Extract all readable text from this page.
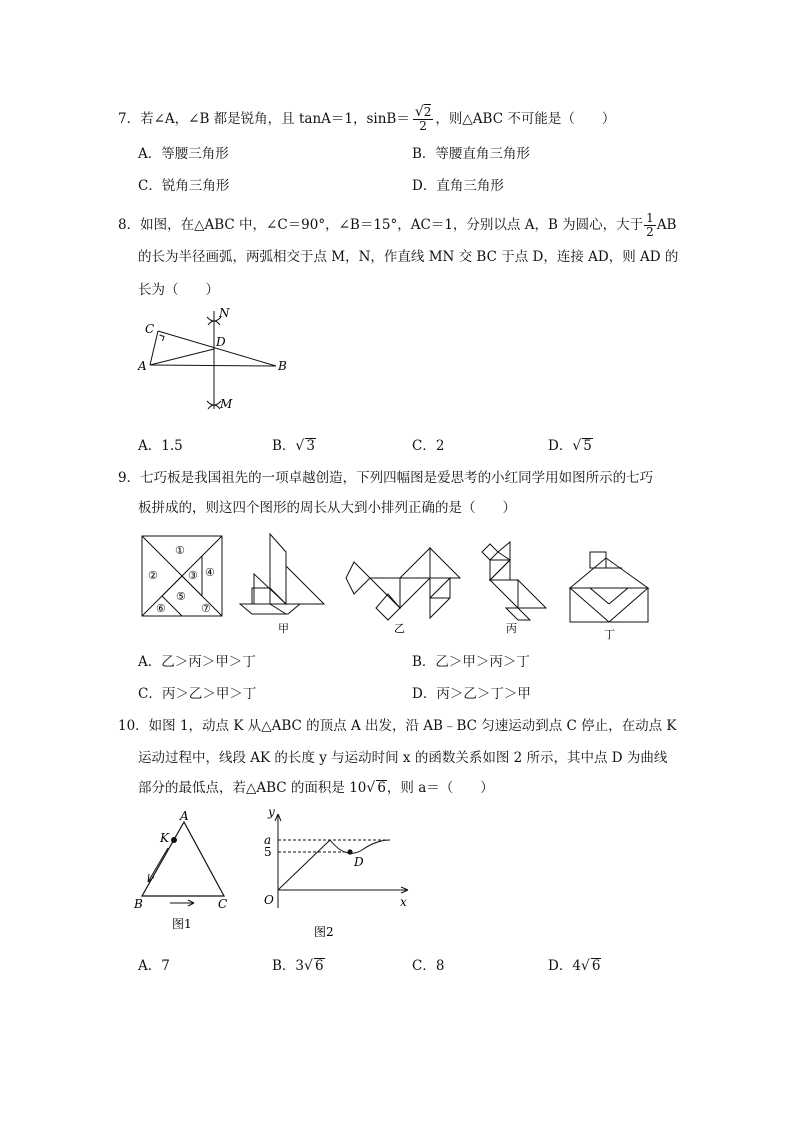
7．若∠A，∠B 都是锐角，且 tanA＝1，$\sin B= \frac{√2}{2}$ ，则△ABC 不可能是（　　）
A．等腰三角形	B．等腰直角三角形
C．锐角三角形	D．直角三角形
8．如图，在△ABC 中，∠C＝90°，∠B＝15°，AC＝1，分别以点 A，B 为圆心，大于 $\frac{1}{2}$ AB
的长为半径画弧，两弧相交于点 M，N，作直线 MN 交 BC 于点 D，连接 AD，则 AD 的
长为（　　）
C
D
N
A	B
M
A．1.5	B．√ 3	C．2	D．√ 5
9．七巧板是我国祖先的一项卓越创造，下列四幅图是爱思考的小红同学用如图所示的七巧
板拼成的，则这四个图形的周长从大到小排列正确的是（　　）
①
②	③ ④
⑤
⑥	⑦
甲	乙	丙	丁
A．乙＞丙＞甲＞丁	B．乙＞甲＞丙＞丁
C．丙＞乙＞甲＞丁	D．丙＞乙＞丁＞甲
10．如图 1，动点 K 从△ABC 的顶点 A 出发，沿 AB﹣BC 匀速运动到点 C 停止，在动点 K
运动过程中，线段 AK 的长度 y 与运动时间 x 的函数关系如图 2 所示，其中点 D 为曲线
部分的最低点，若△ABC 的面积是 10√ 6，则 a＝（　　）
A
K
B	C
图1
y
a
5
D
O	x
图2
A．7	B．3√ 6	C．8	D．4√ 6
